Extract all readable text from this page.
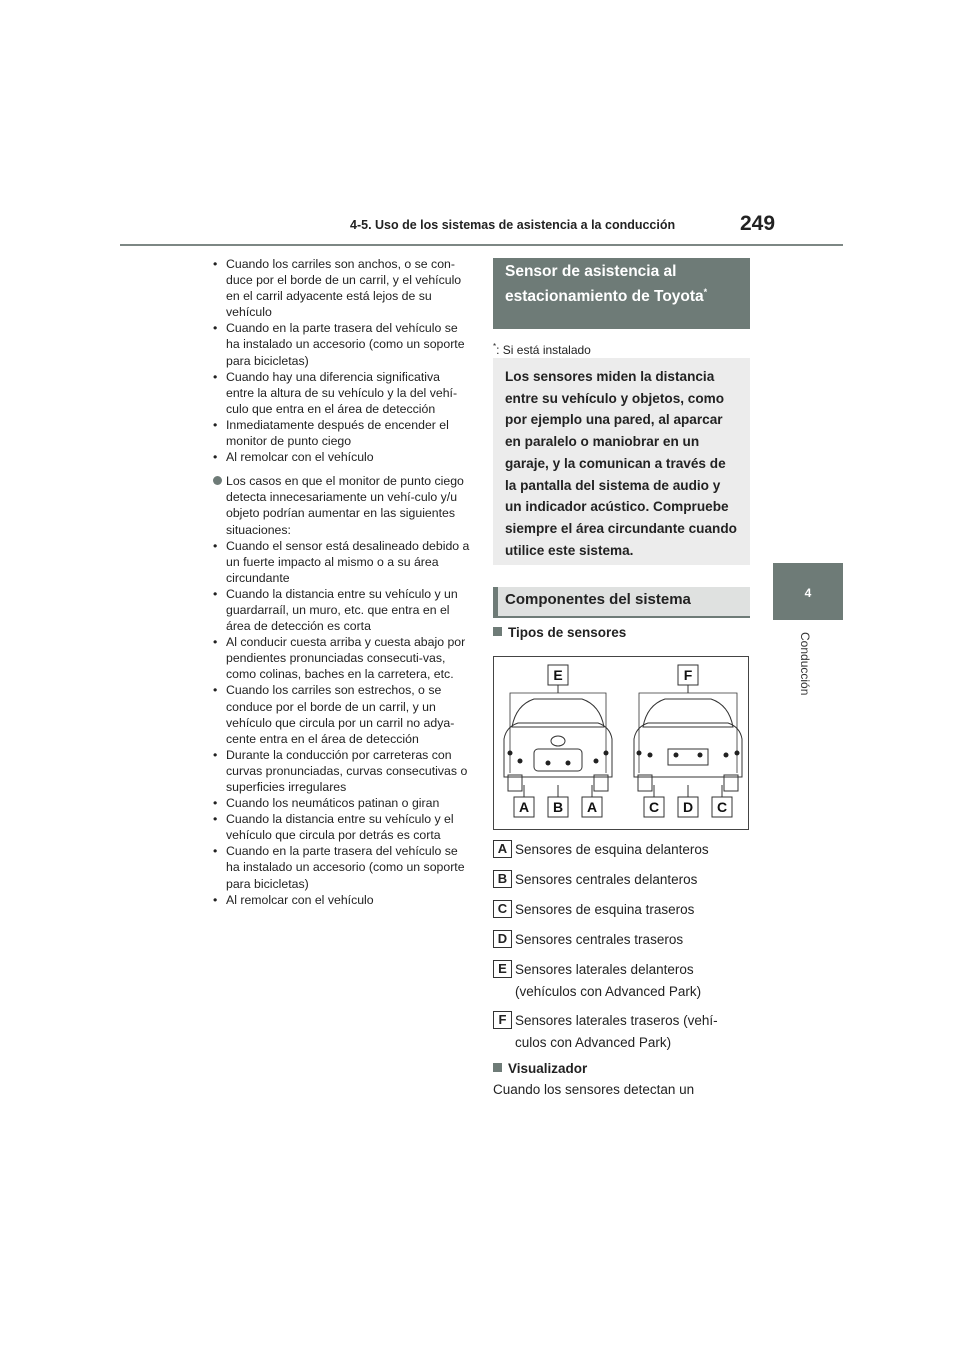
4-5. Uso de los sistemas de asistencia a la conducción	249
4
Conducción
• Cuando los carriles son anchos, o se con-duce por el borde de un carril, y el vehículo en el carril adyacente está lejos de su vehículo
• Cuando en la parte trasera del vehículo se ha instalado un accesorio (como un soporte para bicicletas)
• Cuando hay una diferencia significativa entre la altura de su vehículo y la del vehí-culo que entra en el área de detección
• Inmediatamente después de encender el monitor de punto ciego
• Al remolcar con el vehículo
Los casos en que el monitor de punto ciego detecta innecesariamente un vehí-culo y/u objeto podrían aumentar en las siguientes situaciones:
• Cuando el sensor está desalineado debido a un fuerte impacto al mismo o a su área circundante
• Cuando la distancia entre su vehículo y un guardarraíl, un muro, etc. que entra en el área de detección es corta
• Al conducir cuesta arriba y cuesta abajo por pendientes pronunciadas consecuti-vas, como colinas, baches en la carretera, etc.
• Cuando los carriles son estrechos, o se conduce por el borde de un carril, y un vehículo que circula por un carril no adya-cente entra en el área de detección
• Durante la conducción por carreteras con curvas pronunciadas, curvas consecutivas o superficies irregulares
• Cuando los neumáticos patinan o giran
• Cuando la distancia entre su vehículo y el vehículo que circula por detrás es corta
• Cuando en la parte trasera del vehículo se ha instalado un accesorio (como un soporte para bicicletas)
• Al remolcar con el vehículo
Sensor de asistencia al estacionamiento de Toyota*
*: Si está instalado
Los sensores miden la distancia entre su vehículo y objetos, como por ejemplo una pared, al aparcar en paralelo o maniobrar en un garaje, y la comunican a través de la pantalla del sistema de audio y un indicador acústico. Compruebe siempre el área circundante cuando utilice este sistema.
Componentes del sistema
Tipos de sensores
E	F
A B A	C D C
A Sensores de esquina delanteros
B Sensores centrales delanteros
C Sensores de esquina traseros
D Sensores centrales traseros
E Sensores laterales delanteros (vehículos con Advanced Park)
F Sensores laterales traseros (vehí-culos con Advanced Park)
Visualizador
Cuando los sensores detectan un
